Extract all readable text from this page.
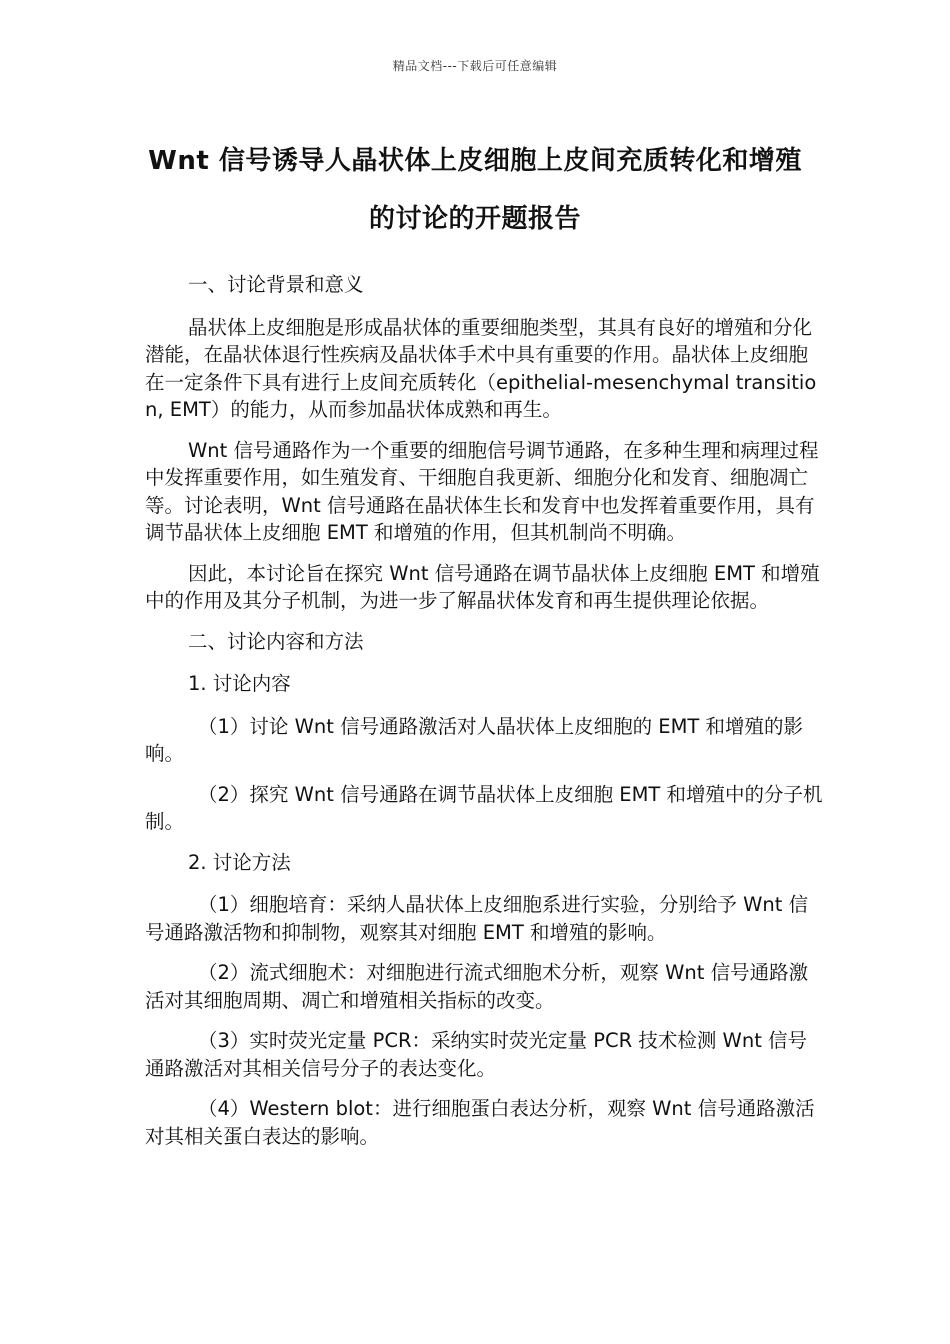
精品文档---下载后可任意编辑
Wnt 信号诱导人晶状体上皮细胞上皮间充质转化和增殖的讨论的开题报告

一、讨论背景和意义

晶状体上皮细胞是形成晶状体的重要细胞类型，其具有良好的增殖和分化潜能，在晶状体退行性疾病及晶状体手术中具有重要的作用。晶状体上皮细胞在一定条件下具有进行上皮间充质转化（epithelial-mesenchymal transition, EMT）的能力，从而参加晶状体成熟和再生。

Wnt 信号通路作为一个重要的细胞信号调节通路，在多种生理和病理过程中发挥重要作用，如生殖发育、干细胞自我更新、细胞分化和发育、细胞凋亡等。讨论表明，Wnt 信号通路在晶状体生长和发育中也发挥着重要作用，具有调节晶状体上皮细胞 EMT 和增殖的作用，但其机制尚不明确。

因此，本讨论旨在探究 Wnt 信号通路在调节晶状体上皮细胞 EMT 和增殖中的作用及其分子机制，为进一步了解晶状体发育和再生提供理论依据。

二、讨论内容和方法

1. 讨论内容

（1）讨论 Wnt 信号通路激活对人晶状体上皮细胞的 EMT 和增殖的影响。

（2）探究 Wnt 信号通路在调节晶状体上皮细胞 EMT 和增殖中的分子机制。

2. 讨论方法

（1）细胞培育：采纳人晶状体上皮细胞系进行实验，分别给予 Wnt 信号通路激活物和抑制物，观察其对细胞 EMT 和增殖的影响。

（2）流式细胞术：对细胞进行流式细胞术分析，观察 Wnt 信号通路激活对其细胞周期、凋亡和增殖相关指标的改变。

（3）实时荧光定量 PCR：采纳实时荧光定量 PCR 技术检测 Wnt 信号通路激活对其相关信号分子的表达变化。

（4）Western blot：进行细胞蛋白表达分析，观察 Wnt 信号通路激活对其相关蛋白表达的影响。
